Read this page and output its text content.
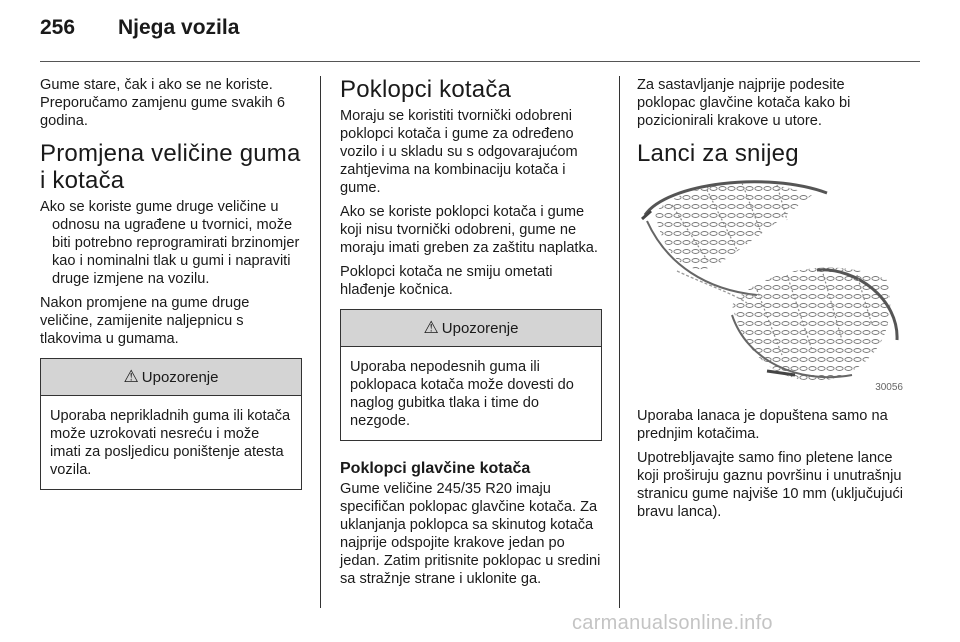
256	Njega vozila

Gume stare, čak i ako se ne koriste. Preporučamo zamjenu gume svakih 6 godina.

Promjena veličine guma i kotača

Ako se koriste gume druge veličine u odnosu na ugrađene u tvornici, može biti potrebno reprogramirati brzinomjer kao i nominalni tlak u gumi i napraviti druge izmjene na vozilu.

Nakon promjene na gume druge veličine, zamijenite naljepnicu s tlakovima u gumama.

⚠ Upozorenje

Uporaba neprikladnih guma ili kotača može uzrokovati nesreću i može imati za posljedicu poništenje atesta vozila.

Poklopci kotača

Moraju se koristiti tvornički odobreni poklopci kotača i gume za određeno vozilo i u skladu su s odgovarajućom zahtjevima na kombinaciju kotača i gume.

Ako se koriste poklopci kotača i gume koji nisu tvornički odobreni, gume ne moraju imati greben za zaštitu naplatka.

Poklopci kotača ne smiju ometati hlađenje kočnica.

⚠ Upozorenje

Uporaba nepodesnih guma ili poklopaca kotača može dovesti do naglog gubitka tlaka i time do nezgode.

Poklopci glavčine kotača

Gume veličine 245/35 R20 imaju specifičan poklopac glavčine kotača. Za uklanjanja poklopca sa skinutog kotača najprije odspojite krakove jedan po jedan. Zatim pritisnite poklopac u sredini sa stražnje strane i uklonite ga.

Za sastavljanje najprije podesite poklopac glavčine kotača kako bi pozicionirali krakove u utore.

Lanci za snijeg
30056

Uporaba lanaca je dopuštena samo na prednjim kotačima.

Upotrebljavajte samo fino pletene lance koji proširuju gaznu površinu i unutrašnju stranicu gume najviše 10 mm (uključujući bravu lanca).

carmanualsonline.info
